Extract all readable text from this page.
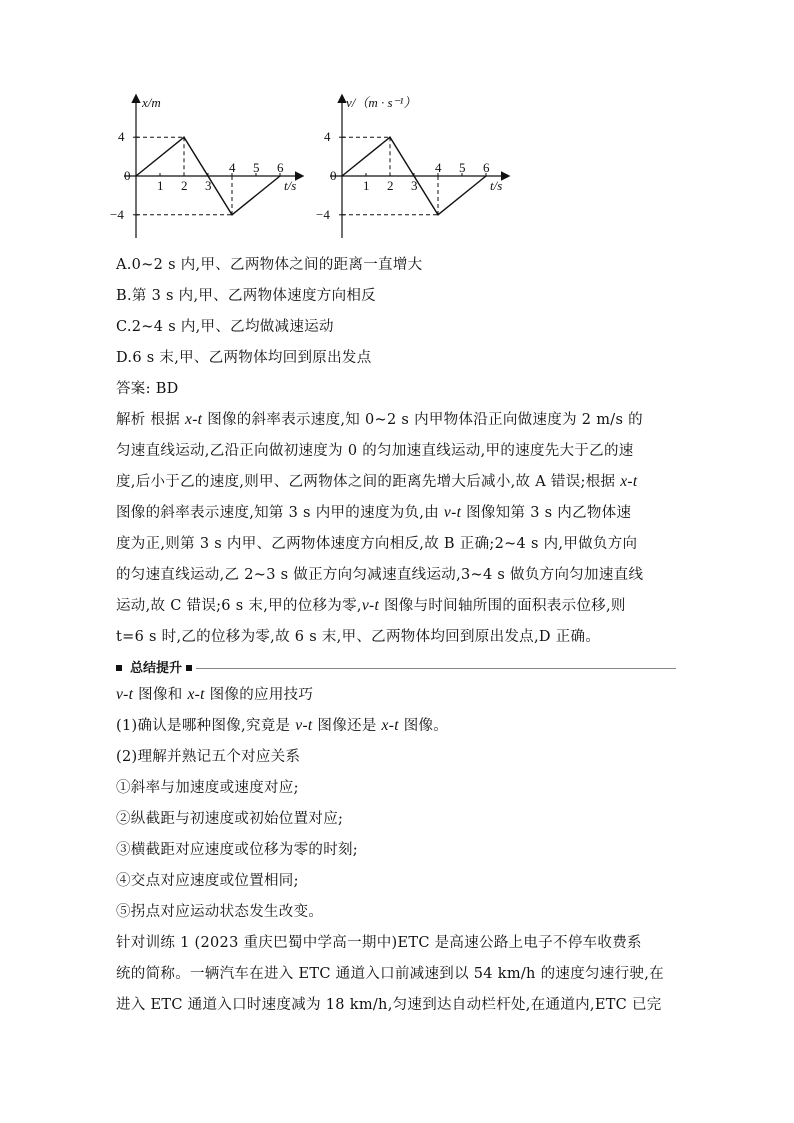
x/m
t/s
0
4
−4
1 2 3
4 5 6
v/（m · s⁻¹）
t/s
0
4
−4
1 2 3
4 5 6
A.0~2 s 内,甲、乙两物体之间的距离一直增大
B.第 3 s 内,甲、乙两物体速度方向相反
C.2~4 s 内,甲、乙均做减速运动
D.6 s 末,甲、乙两物体均回到原出发点
答案: BD
解析 根据 x-t 图像的斜率表示速度,知 0~2 s 内甲物体沿正向做速度为 2 m/s 的
匀速直线运动,乙沿正向做初速度为 0 的匀加速直线运动,甲的速度先大于乙的速
度,后小于乙的速度,则甲、乙两物体之间的距离先增大后减小,故 A 错误;根据 x-t
图像的斜率表示速度,知第 3 s 内甲的速度为负,由 v-t 图像知第 3 s 内乙物体速
度为正,则第 3 s 内甲、乙两物体速度方向相反,故 B 正确;2~4 s 内,甲做负方向
的匀速直线运动,乙 2~3 s 做正方向匀减速直线运动,3~4 s 做负方向匀加速直线
运动,故 C 错误;6 s 末,甲的位移为零,v-t 图像与时间轴所围的面积表示位移,则
t=6 s 时,乙的位移为零,故 6 s 末,甲、乙两物体均回到原出发点,D 正确。
总结提升
v-t 图像和 x-t 图像的应用技巧
(1)确认是哪种图像,究竟是 v-t 图像还是 x-t 图像。
(2)理解并熟记五个对应关系
①斜率与加速度或速度对应;
②纵截距与初速度或初始位置对应;
③横截距对应速度或位移为零的时刻;
④交点对应速度或位置相同;
⑤拐点对应运动状态发生改变。
针对训练 1 (2023 重庆巴蜀中学高一期中)ETC 是高速公路上电子不停车收费系
统的简称。一辆汽车在进入 ETC 通道入口前减速到以 54 km/h 的速度匀速行驶,在
进入 ETC 通道入口时速度减为 18 km/h,匀速到达自动栏杆处,在通道内,ETC 已完
